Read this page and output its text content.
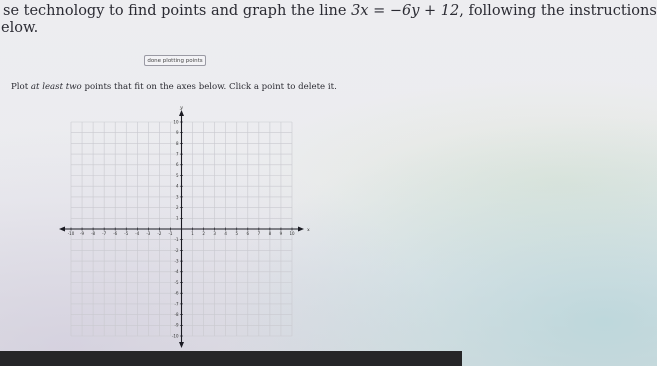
se technology to find points and graph the line 3x = −6y + 12, following the instructions
elow.
done plotting points
Plot at least two points that fit on the axes below. Click a point to delete it.
x
y
-10 -9 -8 -7 -6 -5 -4 -3 -2 -1	1 2 3 4 5 6 7 8 9 10
10
9
8
7
6
5
4
3
2
1
-1
-2
-3
-4
-5
-6
-7
-8
-9
-10
